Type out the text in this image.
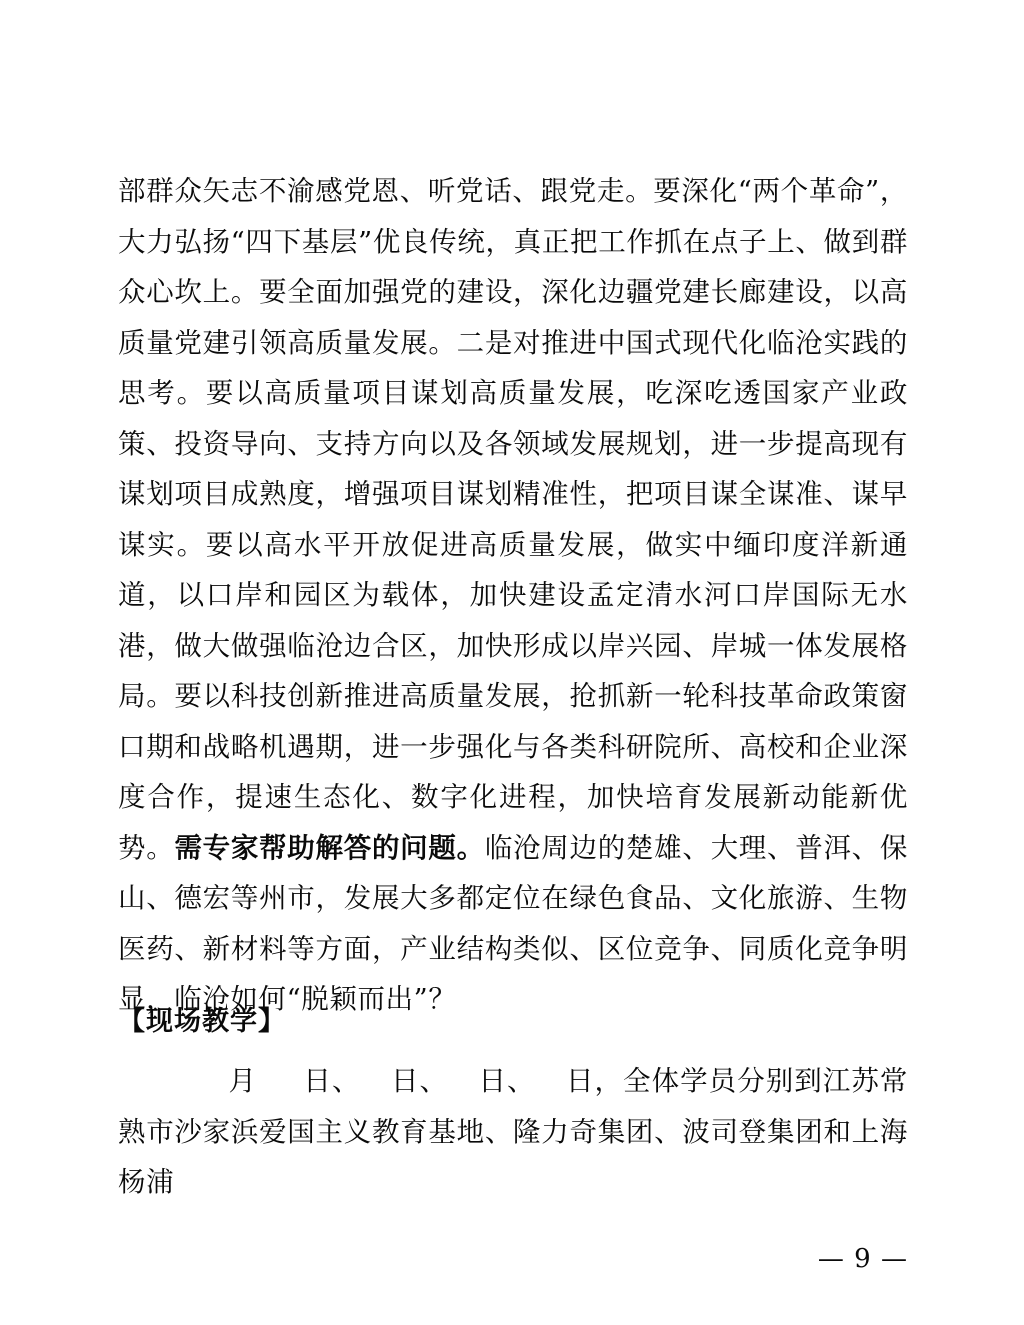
部群众矢志不渝感党恩、听党话、跟党走。要深化“两个革命”，大力弘扬“四下基层”优良传统，真正把工作抓在点子上、做到群众心坎上。要全面加强党的建设，深化边疆党建长廊建设，以高质量党建引领高质量发展。二是对推进中国式现代化临沧实践的思考。要以高质量项目谋划高质量发展，吃深吃透国家产业政策、投资导向、支持方向以及各领域发展规划，进一步提高现有谋划项目成熟度，增强项目谋划精准性，把项目谋全谋准、谋早谋实。要以高水平开放促进高质量发展，做实中缅印度洋新通道，以口岸和园区为载体，加快建设孟定清水河口岸国际无水港，做大做强临沧边合区，加快形成以岸兴园、岸城一体发展格局。要以科技创新推进高质量发展，抢抓新一轮科技革命政策窗口期和战略机遇期，进一步强化与各类科研院所、高校和企业深度合作，提速生态化、数字化进程，加快培育发展新动能新优势。需专家帮助解答的问题。临沧周边的楚雄、大理、普洱、保山、德宏等州市，发展大多都定位在绿色食品、文化旅游、生物医药、新材料等方面，产业结构类似、区位竞争、同质化竞争明显，临沧如何“脱颖而出”？

【现场教学】
月 日、 日、 日、 日，全体学员分别到江苏常熟市沙家浜爱国主义教育基地、隆力奇集团、波司登集团和上海杨浦
— 9 —
